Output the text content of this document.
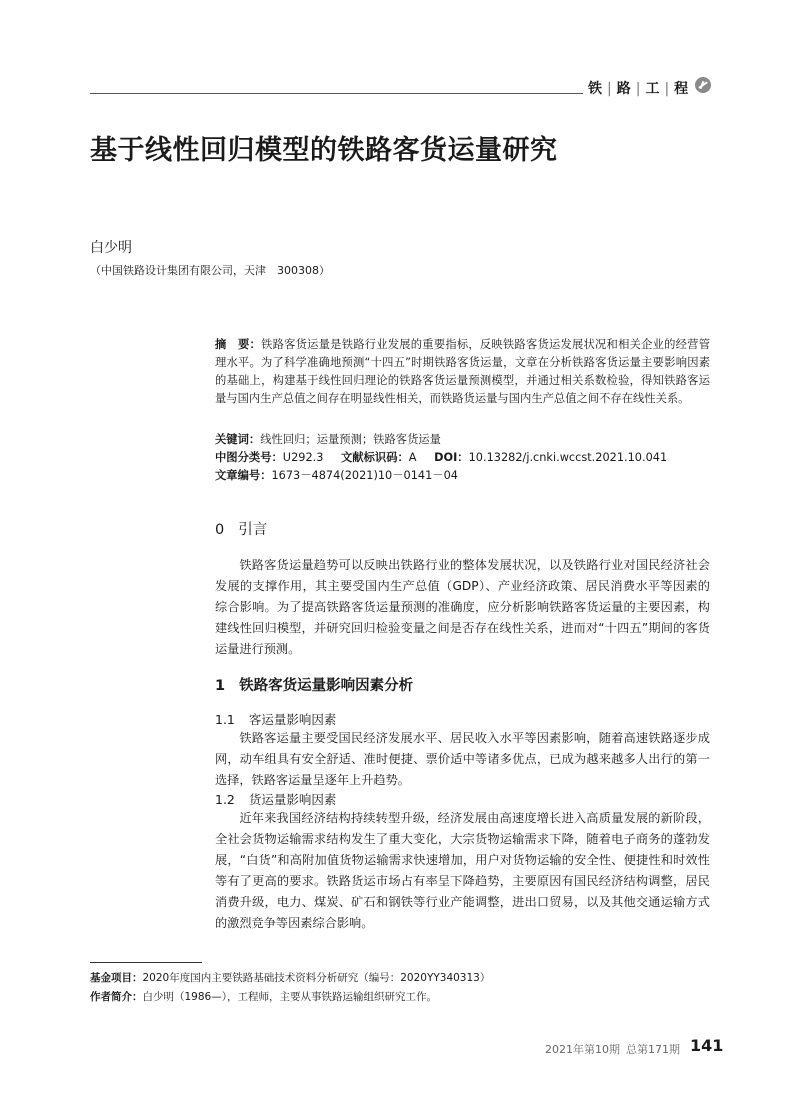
铁 | 路 | 工 | 程
基于线性回归模型的铁路客货运量研究
白少明
（中国铁路设计集团有限公司，天津　300308）
摘　要：铁路客货运量是铁路行业发展的重要指标，反映铁路客货运发展状况和相关企业的经营管理水平。为了科学准确地预测“十四五”时期铁路客货运量，文章在分析铁路客货运量主要影响因素的基础上，构建基于线性回归理论的铁路客货运量预测模型，并通过相关系数检验，得知铁路客运量与国内生产总值之间存在明显线性相关，而铁路货运量与国内生产总值之间不存在线性关系。
关键词：线性回归；运量预测；铁路客货运量
中图分类号：U292.3 文献标识码：A DOI：10.13282/j.cnki.wccst.2021.10.041
文章编号：1673－4874(2021)10－0141－04
0 引言

铁路客货运量趋势可以反映出铁路行业的整体发展状况，以及铁路行业对国民经济社会发展的支撑作用，其主要受国内生产总值（GDP）、产业经济政策、居民消费水平等因素的综合影响。为了提高铁路客货运量预测的准确度，应分析影响铁路客货运量的主要因素，构建线性回归模型，并研究回归检验变量之间是否存在线性关系，进而对“十四五”期间的客货运量进行预测。

1 铁路客货运量影响因素分析
1.1 客运量影响因素

铁路客运量主要受国民经济发展水平、居民收入水平等因素影响，随着高速铁路逐步成网，动车组具有安全舒适、准时便捷、票价适中等诸多优点，已成为越来越多人出行的第一选择，铁路客运量呈逐年上升趋势。

1.2 货运量影响因素

近年来我国经济结构持续转型升级，经济发展由高速度增长进入高质量发展的新阶段，全社会货物运输需求结构发生了重大变化，大宗货物运输需求下降，随着电子商务的蓬勃发展，“白货”和高附加值货物运输需求快速增加，用户对货物运输的安全性、便捷性和时效性等有了更高的要求。铁路货运市场占有率呈下降趋势，主要原因有国民经济结构调整，居民消费升级，电力、煤炭、矿石和钢铁等行业产能调整，进出口贸易，以及其他交通运输方式的激烈竞争等因素综合影响。

基金项目：2020年度国内主要铁路基础技术资料分析研究（编号：2020YY340313）
作者简介：白少明（1986—），工程师，主要从事铁路运输组织研究工作。
2021年第10期 总第171期 141
